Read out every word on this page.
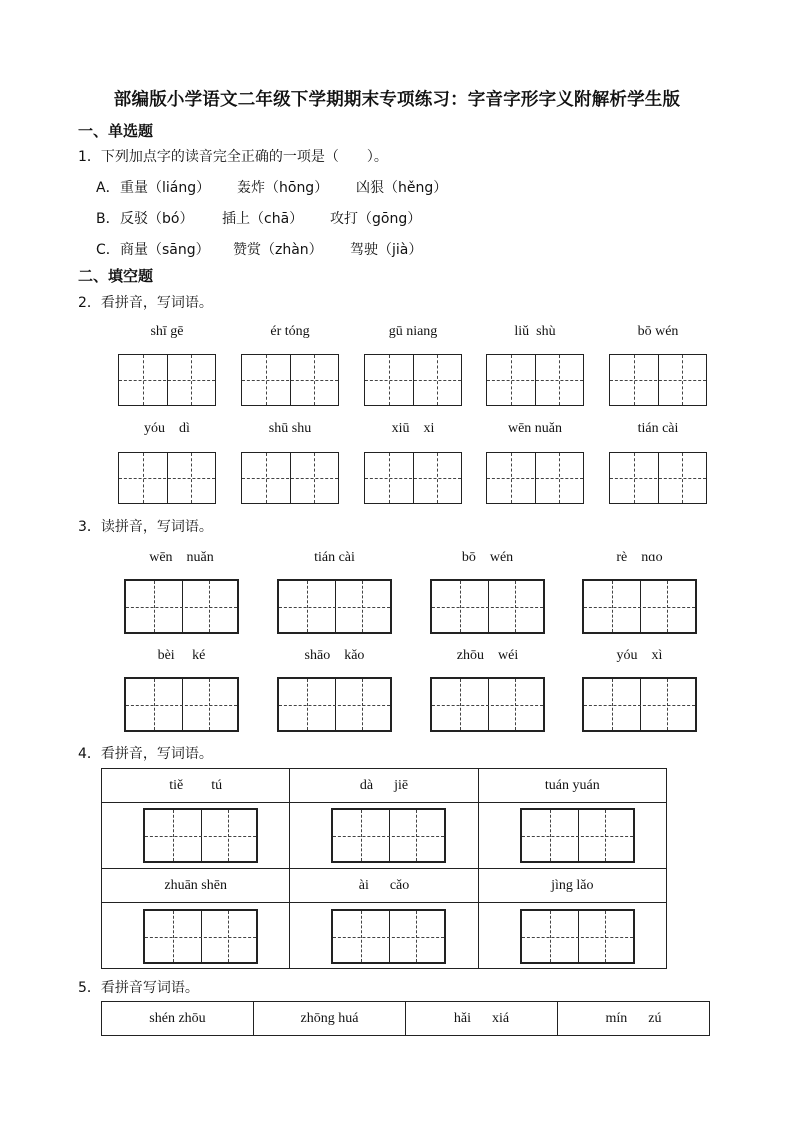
部编版小学语文二年级下学期期末专项练习：字音字形字义附解析学生版
一、单选题
1．下列加点字的读音完全正确的一项是（　　）。
A． 重量（liáng） 轰炸（hōng） 凶狠（hěng）
B． 反驳（bó） 插上（chā） 攻打（gōng）
C． 商量（sāng） 赞赏（zhàn） 驾驶（jià）
二、填空题
2．看拼音，写词语。
shī gē	ér tóng	gū niang	liǔ  shù	bō wén
yóu    dì	shū shu	xiū    xi	wēn nuǎn	tián cài
3．读拼音，写词语。
wēn    nuǎn	tián cài	bō    wén	rè    nɑo
bèi     ké	shāo    kǎo	zhōu    wéi	yóu    xì
4．看拼音，写词语。
tiě        tú	dà      jiē	tuán yuán

zhuān shēn	ài      cǎo	jìng lǎo

5．看拼音写词语。
shén zhōu	zhōng huá	hǎi      xiá	mín      zú
